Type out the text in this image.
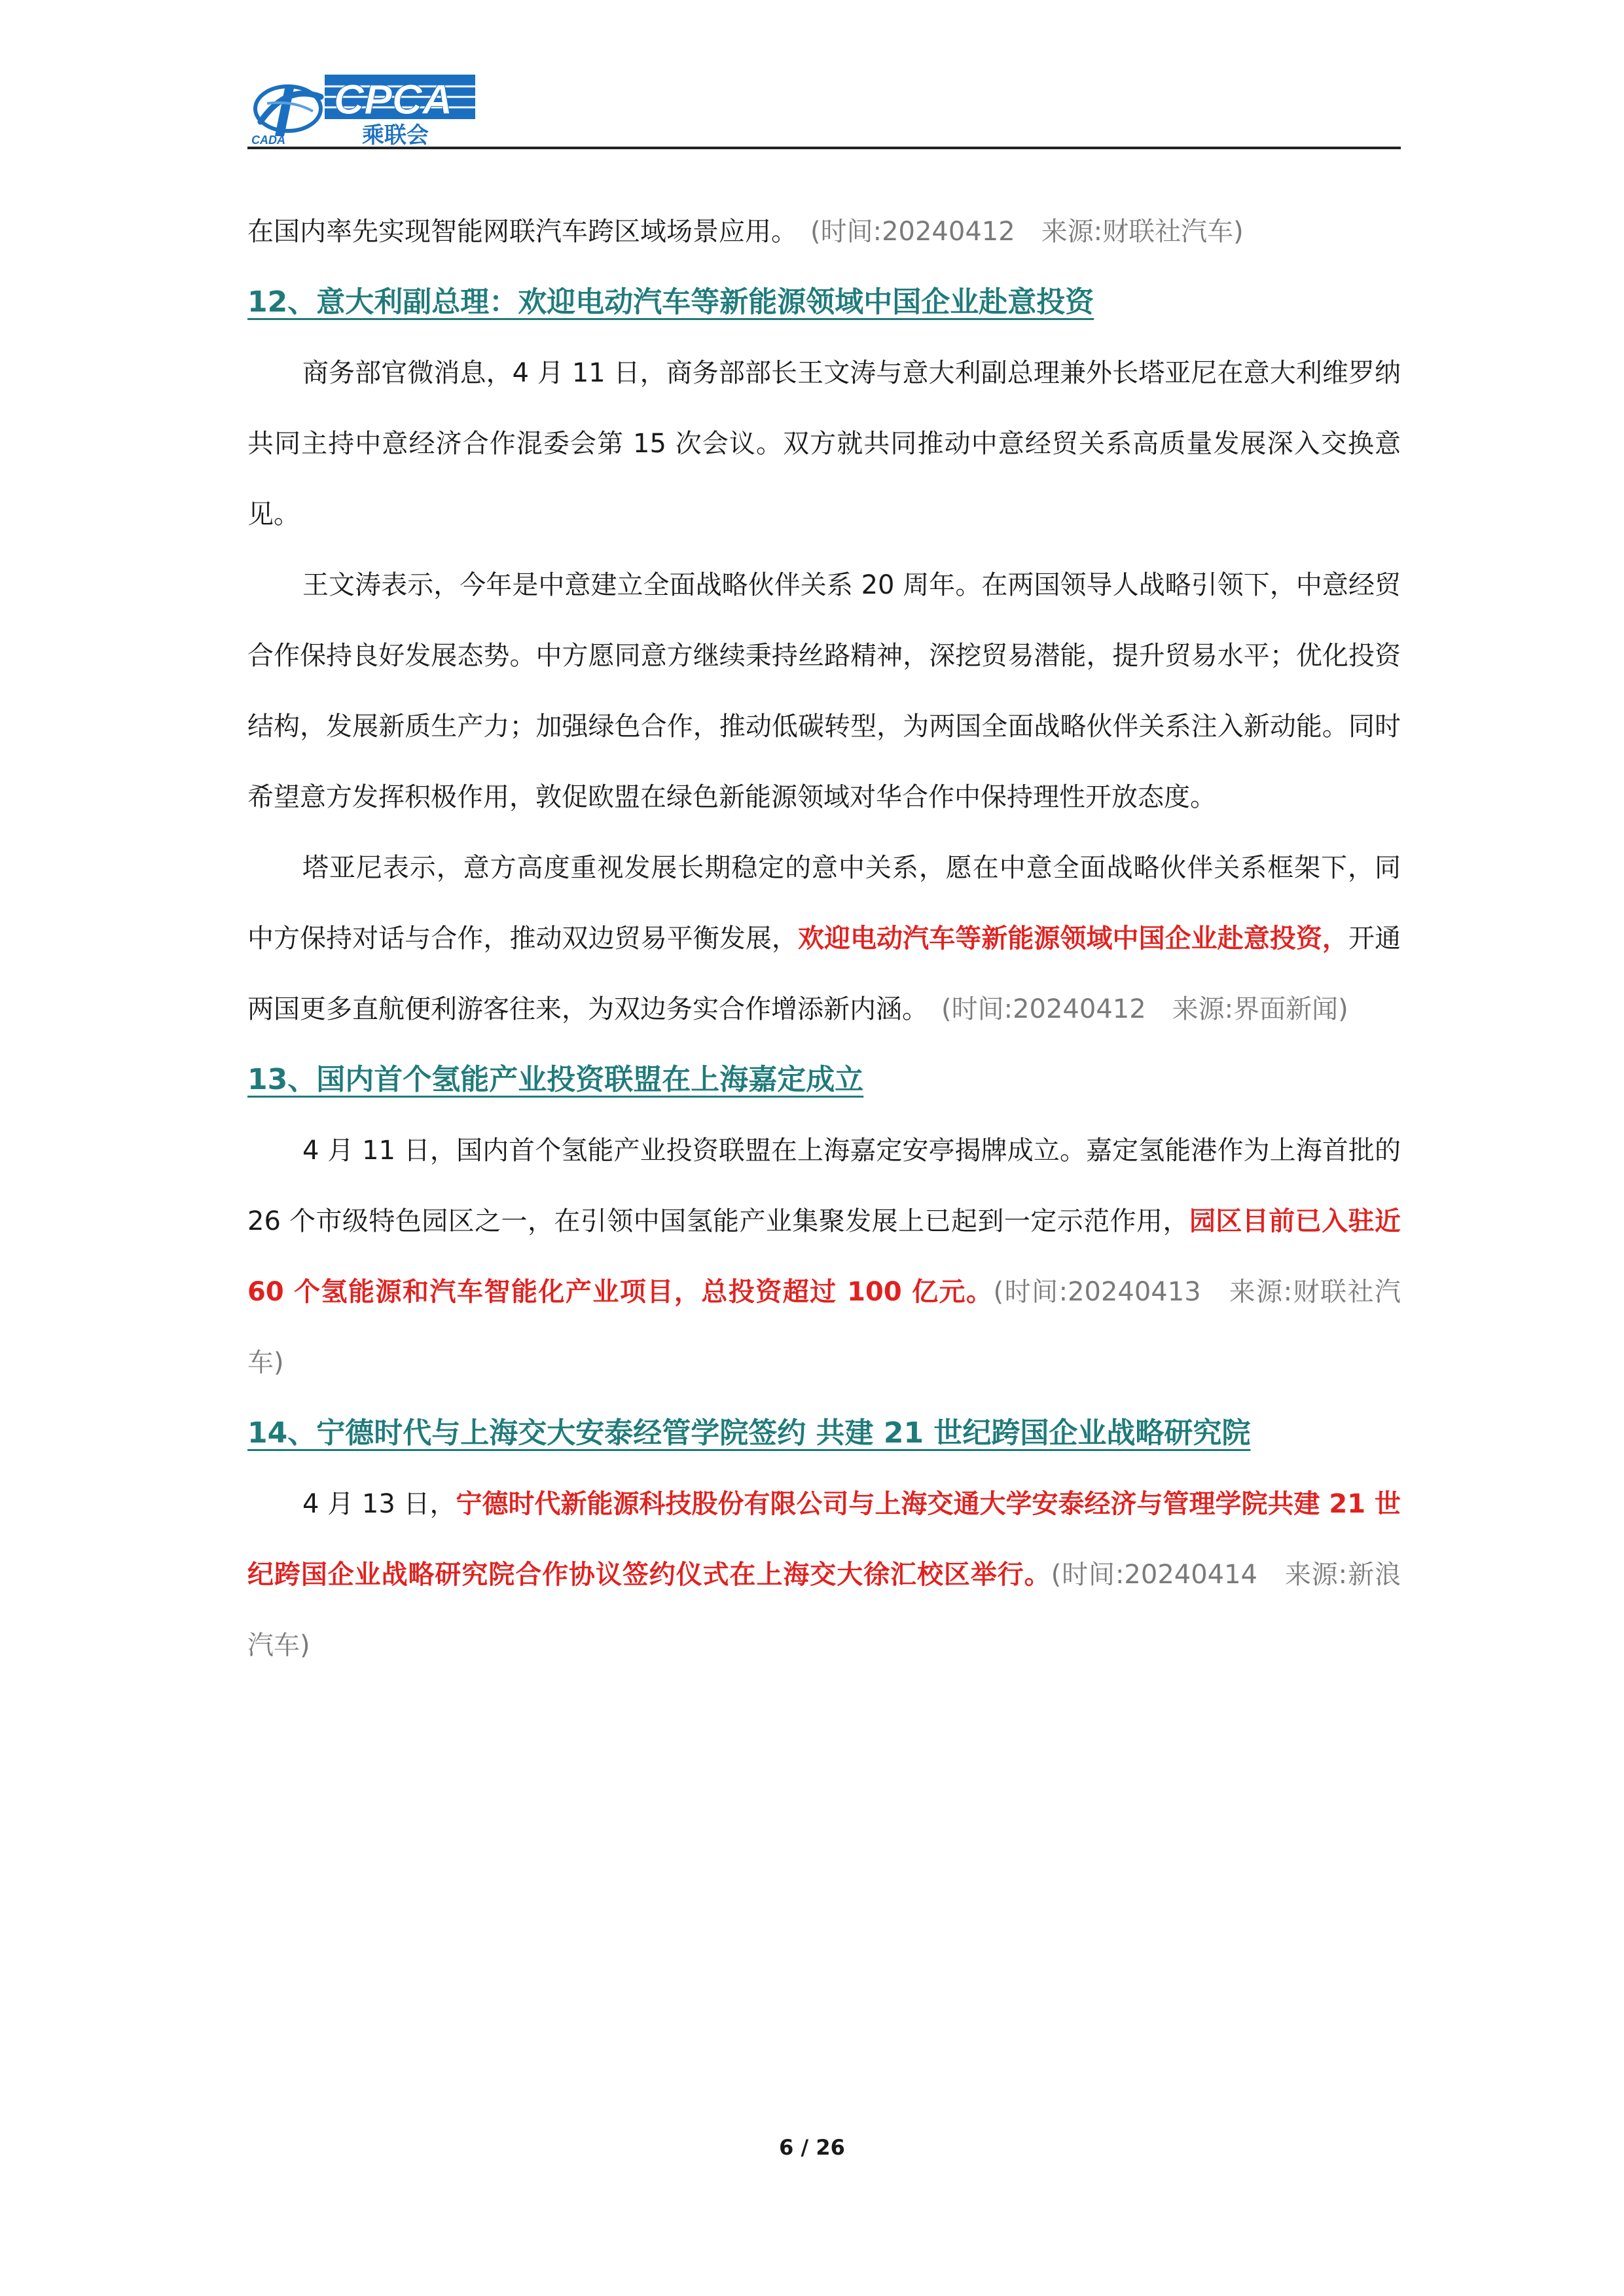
CPCA
CADA	乘联会

在国内率先实现智能网联汽车跨区域场景应用。　 (时间:20240412　来源:财联社汽车)

12、意大利副总理：欢迎电动汽车等新能源领域中国企业赴意投资

商务部官微消息，4 月 11 日，商务部部长王文涛与意大利副总理兼外长塔亚尼在意大利维罗纳共同主持中意经济合作混委会第 15 次会议。双方就共同推动中意经贸关系高质量发展深入交换意见。

王文涛表示，今年是中意建立全面战略伙伴关系 20 周年。在两国领导人战略引领下，中意经贸合作保持良好发展态势。中方愿同意方继续秉持丝路精神，深挖贸易潜能，提升贸易水平；优化投资结构，发展新质生产力；加强绿色合作，推动低碳转型，为两国全面战略伙伴关系注入新动能。同时希望意方发挥积极作用，敦促欧盟在绿色新能源领域对华合作中保持理性开放态度。

塔亚尼表示，意方高度重视发展长期稳定的意中关系，愿在中意全面战略伙伴关系框架下，同中方保持对话与合作，推动双边贸易平衡发展，欢迎电动汽车等新能源领域中国企业赴意投资，开通两国更多直航便利游客往来，为双边务实合作增添新内涵。　 (时间:20240412　来源:界面新闻)

13、国内首个氢能产业投资联盟在上海嘉定成立

4 月 11 日，国内首个氢能产业投资联盟在上海嘉定安亭揭牌成立。嘉定氢能港作为上海首批的 26 个市级特色园区之一，在引领中国氢能产业集聚发展上已起到一定示范作用，园区目前已入驻近 60 个氢能源和汽车智能化产业项目，总投资超过 100 亿元。(时间:20240413　来源:财联社汽车)

14、宁德时代与上海交大安泰经管学院签约 共建 21 世纪跨国企业战略研究院

4 月 13 日，宁德时代新能源科技股份有限公司与上海交通大学安泰经济与管理学院共建 21 世纪跨国企业战略研究院合作协议签约仪式在上海交大徐汇校区举行。(时间:20240414　来源:新浪汽车)

6 / 26
